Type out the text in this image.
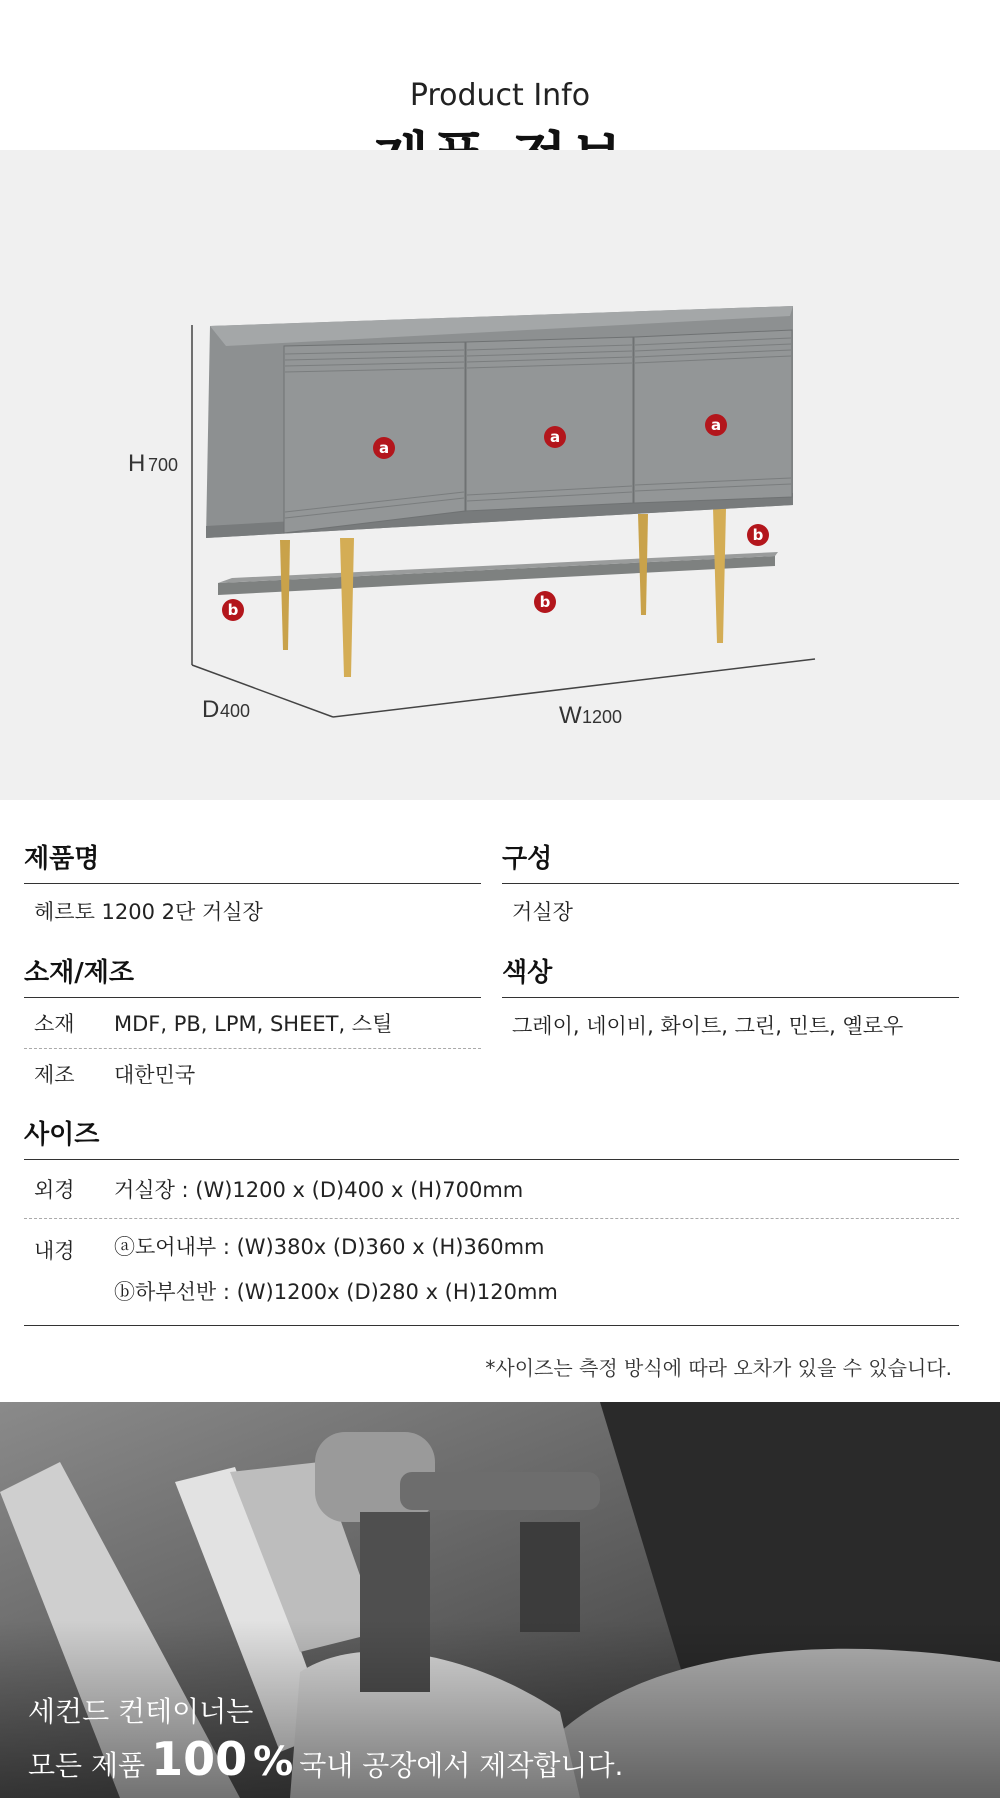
Product Info
a
a
a
b
b
b
H 700
D 400	W 1200
제품명
헤르토 1200 2단 거실장
구성
거실장
소재/제조
소재	MDF, PB, LPM, SHEET, 스틸
제조	대한민국
색상
그레이, 네이비, 화이트, 그린, 민트, 옐로우
사이즈
외경	거실장 : (W)1200 x (D)400 x (H)700mm
내경	ⓐ도어내부 : (W)380x (D)360 x (H)360mm
ⓑ하부선반 : (W)1200x (D)280 x (H)120mm
*사이즈는 측정 방식에 따라 오차가 있을 수 있습니다.
세컨드 컨테이너는
모든 제품 100 % 국내 공장에서 제작합니다.
